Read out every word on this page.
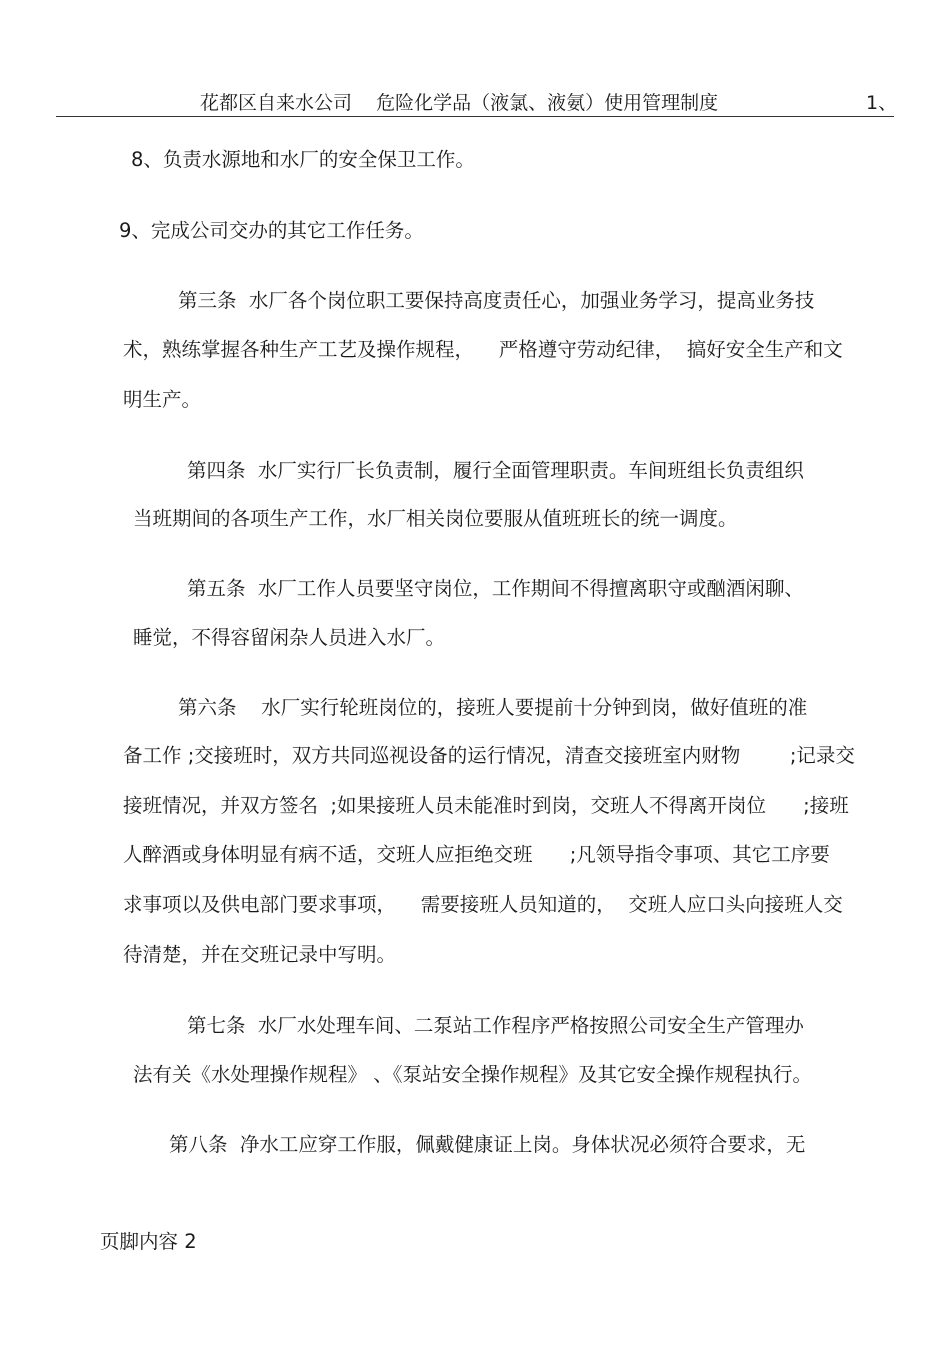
花都区自来水公司    危险化学品（液氯、液氨）使用管理制度	1、
8、负责水源地和水厂的安全保卫工作。
9、完成公司交办的其它工作任务。
第三条  水厂各个岗位职工要保持高度责任心，加强业务学习，提高业务技
术，熟练掌握各种生产工艺及操作规程，    严格遵守劳动纪律，  搞好安全生产和文
明生产。
第四条  水厂实行厂长负责制，履行全面管理职责。车间班组长负责组织
当班期间的各项生产工作，水厂相关岗位要服从值班班长的统一调度。
第五条  水厂工作人员要坚守岗位，工作期间不得擅离职守或酗酒闲聊、
睡觉，不得容留闲杂人员进入水厂。
第六条    水厂实行轮班岗位的，接班人要提前十分钟到岗，做好值班的准
备工作 ;交接班时，双方共同巡视设备的运行情况，清查交接班室内财物        ;记录交
接班情况，并双方签名  ;如果接班人员未能准时到岗，交班人不得离开岗位      ;接班
人醉酒或身体明显有病不适，交班人应拒绝交班      ;凡领导指令事项、其它工序要
求事项以及供电部门要求事项，    需要接班人员知道的，  交班人应口头向接班人交
待清楚，并在交班记录中写明。
第七条  水厂水处理车间、二泵站工作程序严格按照公司安全生产管理办
法有关《水处理操作规程》 、《泵站安全操作规程》及其它安全操作规程执行。
第八条  净水工应穿工作服，佩戴健康证上岗。身体状况必须符合要求，无
页脚内容 2
